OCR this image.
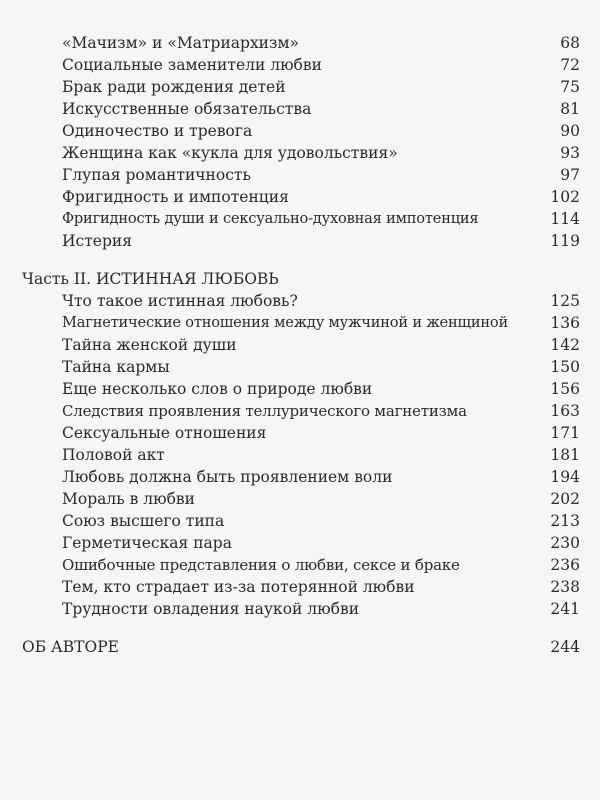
«Мачизм» и «Матриархизм»	68
Социальные заменители любви	72
Брак ради рождения детей	75
Искусственные обязательства	81
Одиночество и тревога	90
Женщина как «кукла для удовольствия»	93
Глупая романтичность	97
Фригидность и импотенция	102
Фригидность души и сексуально-духовная импотенция	114
Истерия	119
Часть II. ИСТИННАЯ ЛЮБОВЬ
Что такое истинная любовь?	125
Магнетические отношения между мужчиной и женщиной	136
Тайна женской души	142
Тайна кармы	150
Еще несколько слов о природе любви	156
Следствия проявления теллурического магнетизма	163
Сексуальные отношения	171
Половой акт	181
Любовь должна быть проявлением воли	194
Мораль в любви	202
Союз высшего типа	213
Герметическая пара	230
Ошибочные представления о любви, сексе и браке	236
Тем, кто страдает из-за потерянной любви	238
Трудности овладения наукой любви	241
ОБ АВТОРЕ	244
